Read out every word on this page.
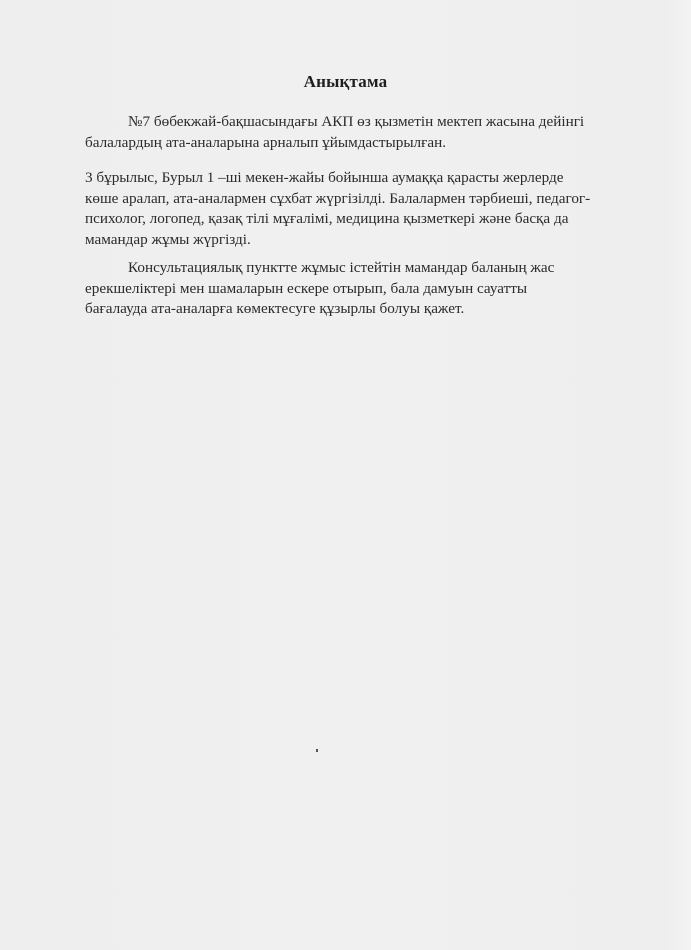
Анықтама
№7 бөбекжай-бақшасындағы АКП өз қызметін мектеп жасына дейінгі
балалардың ата-аналарына арналып ұйымдастырылған.
3 бұрылыс, Бурыл 1 –ші мекен-жайы бойынша аумаққа қарасты жерлерде
көше аралап, ата-аналармен сұхбат жүргізілді. Балалармен тәрбиеші, педагог-
психолог, логопед, қазақ тілі мұғалімі, медицина қызметкері және басқа да
мамандар жұмы жүргізді.
Консультациялық пунктте жұмыс істейтін мамандар баланың жас
ерекшеліктері мен шамаларын ескере отырып, бала дамуын сауатты
бағалауда ата-аналарға көмектесуге құзырлы болуы қажет.
